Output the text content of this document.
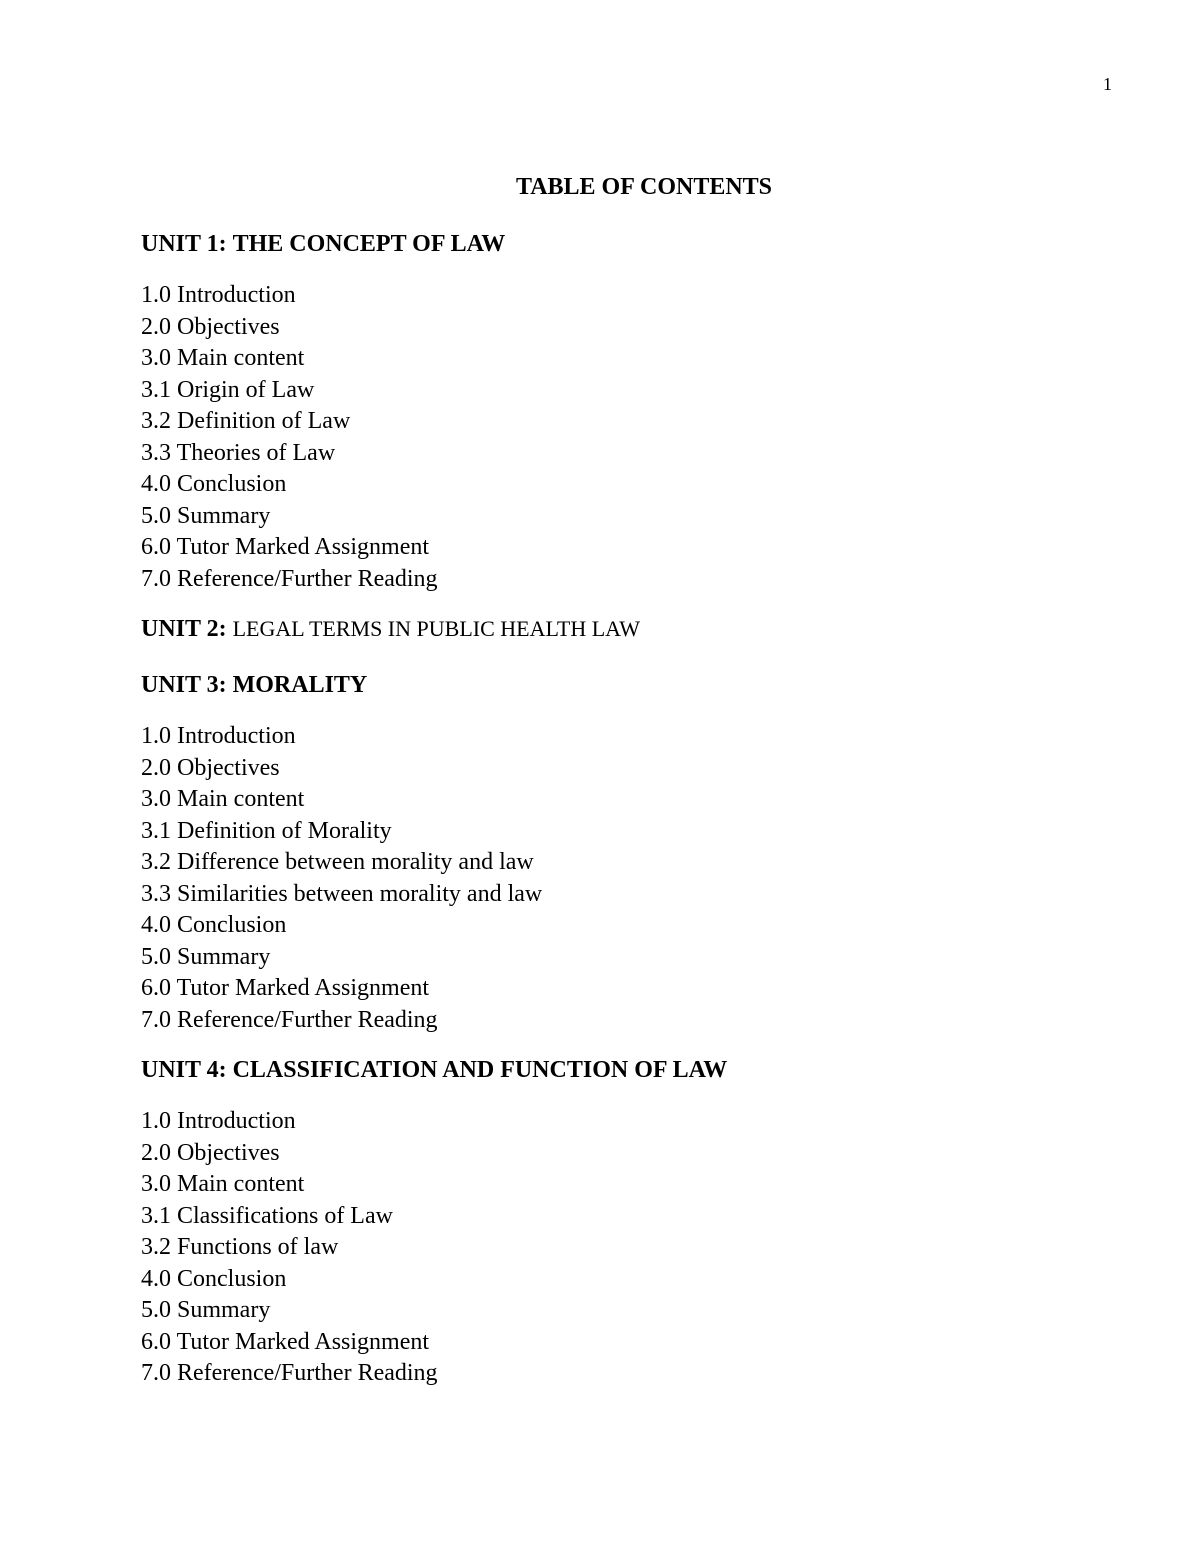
1
TABLE OF CONTENTS
UNIT 1: THE CONCEPT OF LAW
1.0 Introduction
2.0 Objectives
3.0 Main content
3.1 Origin of Law
3.2 Definition of Law
3.3 Theories of Law
4.0 Conclusion
5.0 Summary
6.0 Tutor Marked Assignment
7.0 Reference/Further Reading
UNIT 2: LEGAL TERMS IN PUBLIC HEALTH LAW
UNIT 3: MORALITY
1.0 Introduction
2.0 Objectives
3.0 Main content
3.1 Definition of Morality
3.2 Difference between morality and law
3.3 Similarities between morality and law
4.0 Conclusion
5.0 Summary
6.0 Tutor Marked Assignment
7.0 Reference/Further Reading
UNIT 4: CLASSIFICATION AND FUNCTION OF LAW
1.0 Introduction
2.0 Objectives
3.0 Main content
3.1 Classifications of Law
3.2 Functions of law
4.0 Conclusion
5.0 Summary
6.0 Tutor Marked Assignment
7.0 Reference/Further Reading
